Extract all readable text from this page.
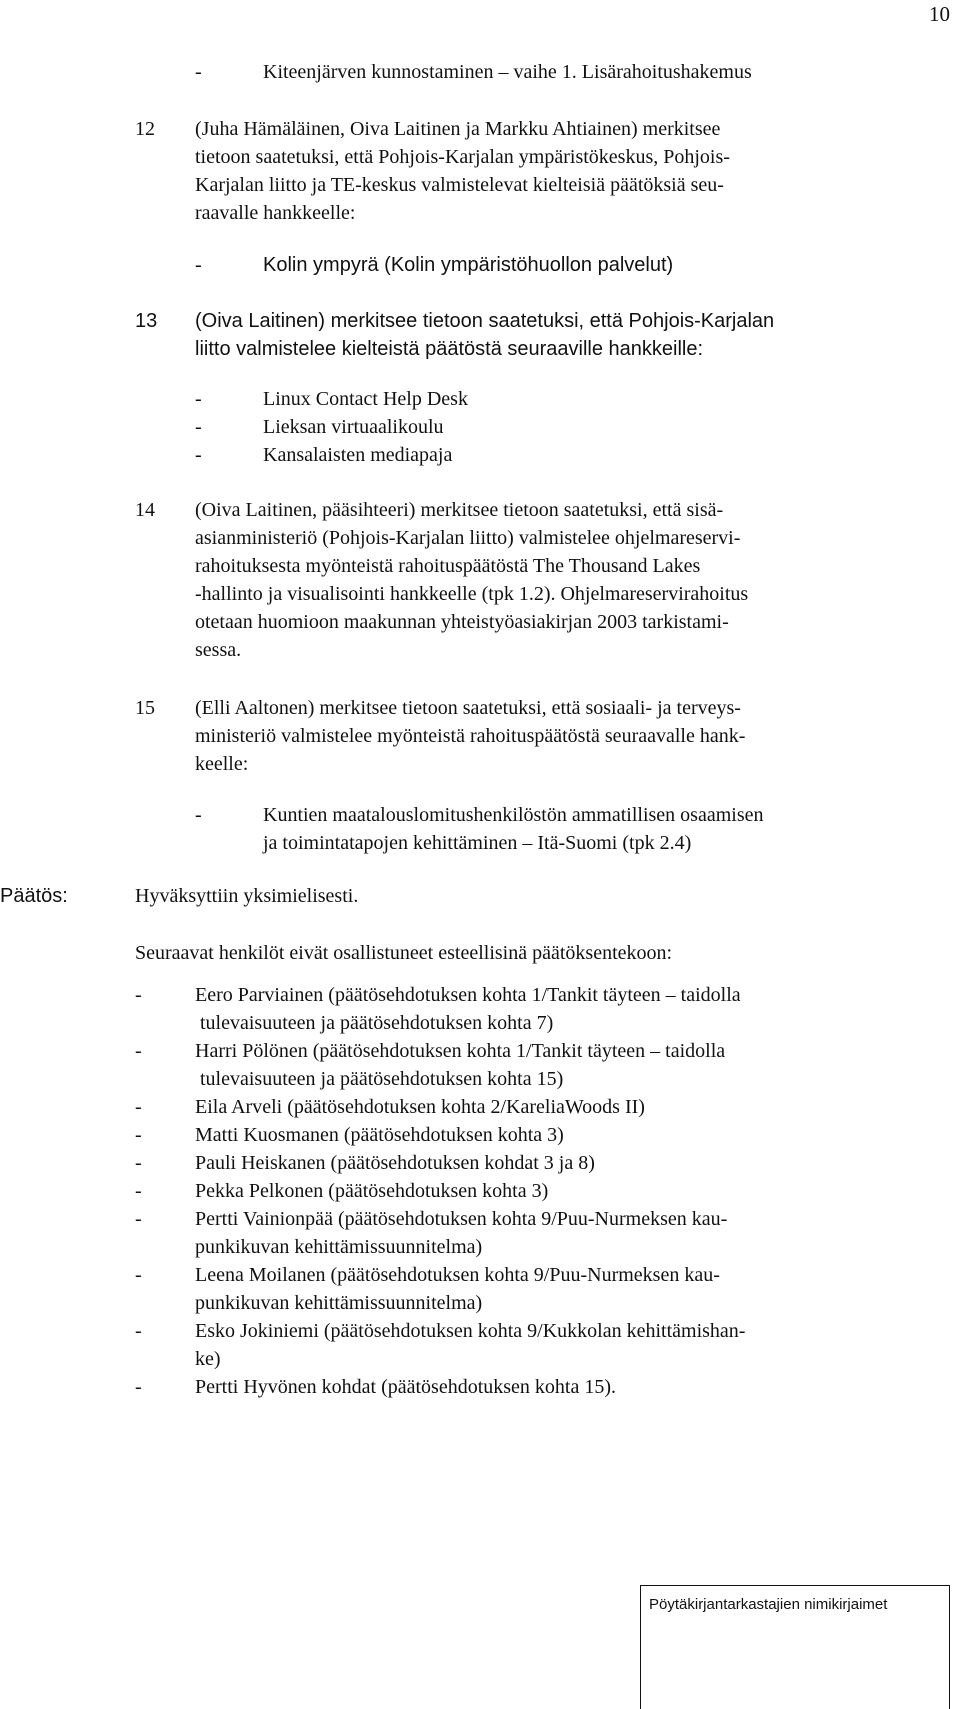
10
-	Kiteenjärven kunnostaminen – vaihe 1. Lisärahoitushakemus
12 (Juha Hämäläinen, Oiva Laitinen ja Markku Ahtiainen) merkitsee
tietoon saatetuksi, että Pohjois-Karjalan ympäristökeskus, Pohjois-
Karjalan liitto ja TE-keskus valmistelevat kielteisiä päätöksiä seu-
raavalle hankkeelle:
-	Kolin ympyrä (Kolin ympäristöhuollon palvelut)
13 (Oiva Laitinen) merkitsee tietoon saatetuksi, että Pohjois-Karjalan
liitto valmistelee kielteistä päätöstä seuraaville hankkeille:
-	Linux Contact Help Desk
-	Lieksan virtuaalikoulu
-	Kansalaisten mediapaja
14 (Oiva Laitinen, pääsihteeri) merkitsee tietoon saatetuksi, että sisä-
asianministeriö (Pohjois-Karjalan liitto) valmistelee ohjelmareservi-
rahoituksesta myönteistä rahoituspäätöstä The Thousand Lakes
-hallinto ja visualisointi hankkeelle (tpk 1.2). Ohjelmareservirahoitus
otetaan huomioon maakunnan yhteistyöasiakirjan 2003 tarkistami-
sessa.
15 (Elli Aaltonen) merkitsee tietoon saatetuksi, että sosiaali- ja terveys-
ministeriö valmistelee myönteistä rahoituspäätöstä seuraavalle hank-
keelle:
-	Kuntien maatalouslomitushenkilöstön ammatillisen osaamisen
ja toimintatapojen kehittäminen – Itä-Suomi (tpk 2.4)
Päätös:	Hyväksyttiin yksimielisesti.
Seuraavat henkilöt eivät osallistuneet esteellisinä päätöksentekoon:
-	Eero Parviainen (päätösehdotuksen kohta 1/Tankit täyteen – taidolla
tulevaisuuteen ja päätösehdotuksen kohta 7)
-	Harri Pölönen (päätösehdotuksen kohta 1/Tankit täyteen – taidolla
tulevaisuuteen ja päätösehdotuksen kohta 15)
-	Eila Arveli (päätösehdotuksen kohta 2/KareliaWoods II)
-	Matti Kuosmanen (päätösehdotuksen kohta 3)
-	Pauli Heiskanen (päätösehdotuksen kohdat 3 ja 8)
-	Pekka Pelkonen (päätösehdotuksen kohta 3)
-	Pertti Vainionpää (päätösehdotuksen kohta 9/Puu-Nurmeksen kau-
punkikuvan kehittämissuunnitelma)
-	Leena Moilanen (päätösehdotuksen kohta 9/Puu-Nurmeksen kau-
punkikuvan kehittämissuunnitelma)
-	Esko Jokiniemi (päätösehdotuksen kohta 9/Kukkolan kehittämishan-
ke)
-	Pertti Hyvönen kohdat (päätösehdotuksen kohta 15).
Pöytäkirjantarkastajien nimikirjaimet
